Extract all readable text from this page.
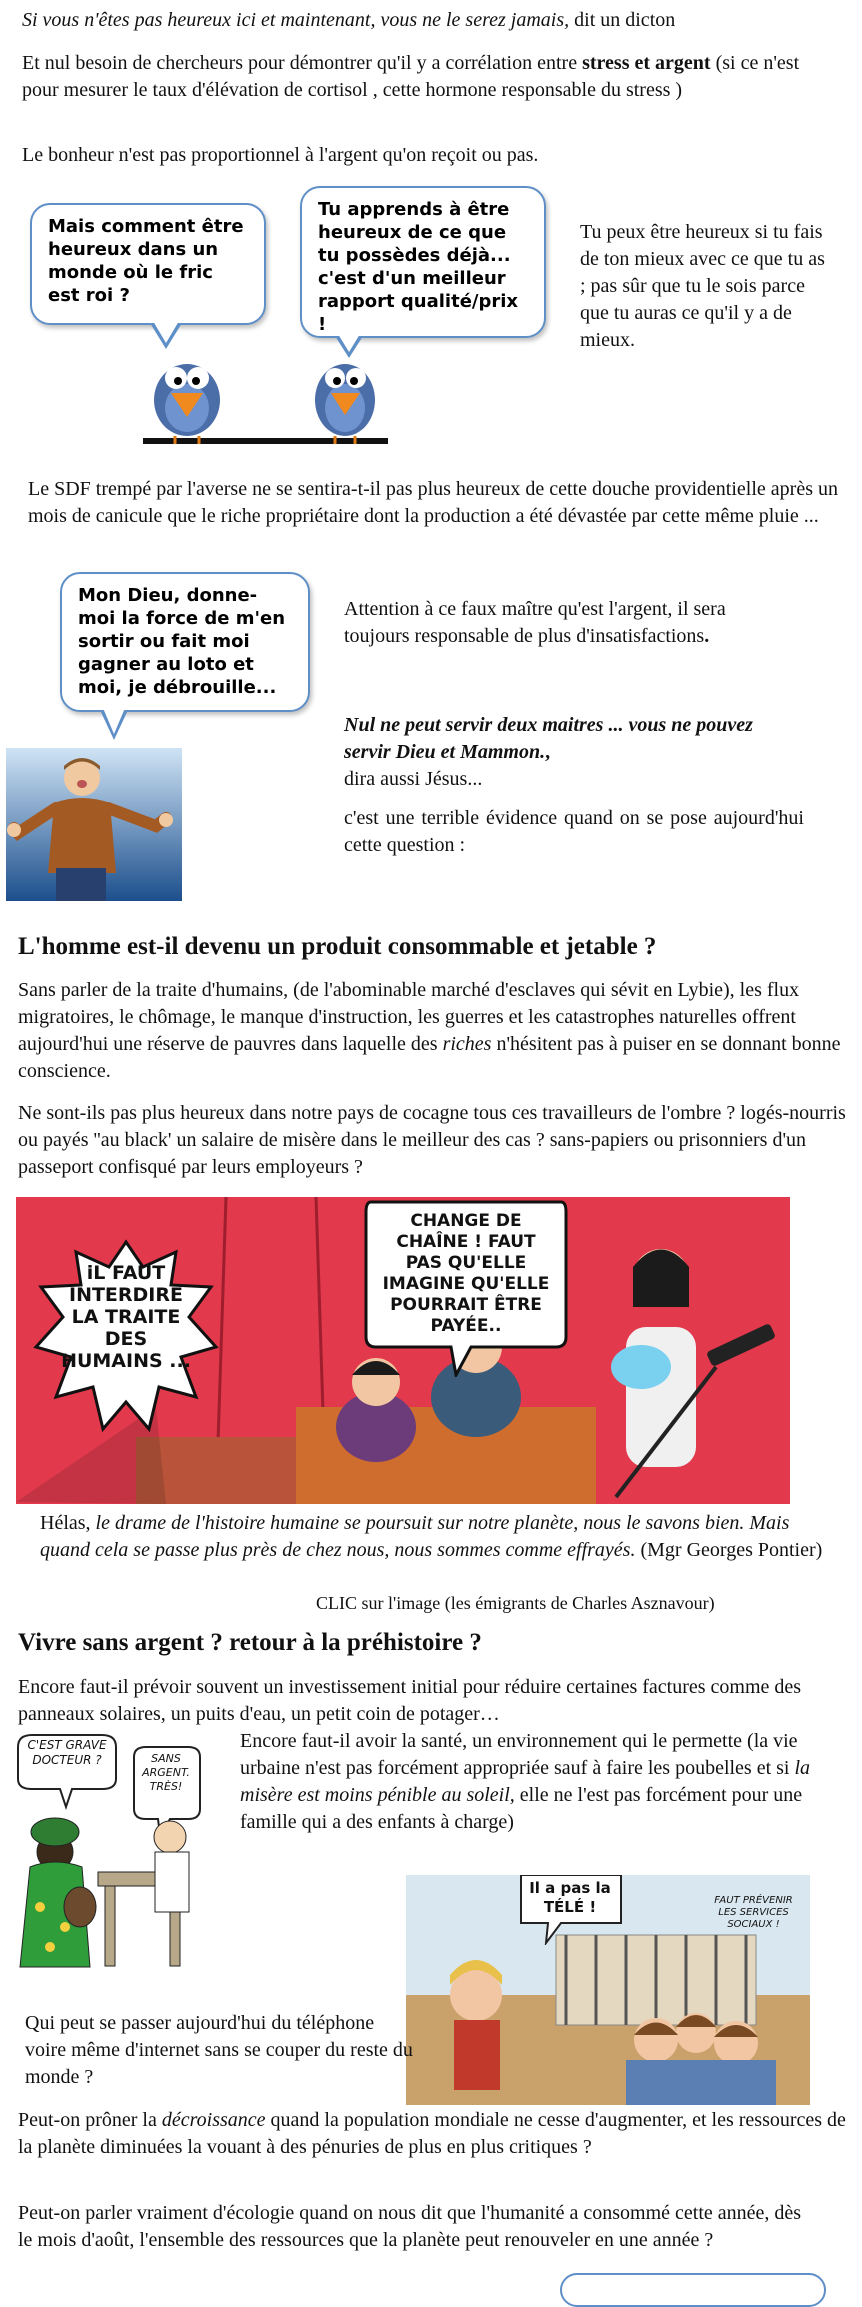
Si vous n'êtes pas heureux ici et maintenant, vous ne le serez jamais, dit un dicton

Et nul besoin de chercheurs pour démontrer qu'il y a corrélation entre stress et argent (si ce n'est pour mesurer le taux d'élévation de cortisol , cette hormone responsable du stress )

Le bonheur n'est pas proportionnel à l'argent qu'on reçoit ou pas.

Mais comment être heureux dans un monde où le fric est roi ?
Tu apprends à être heureux de ce que tu possèdes déjà... c'est d'un meilleur rapport qualité/prix !

Tu peux être heureux si tu fais de ton mieux avec ce que tu as ; pas sûr que tu le sois parce que tu auras ce qu'il y a de mieux.

Le SDF trempé par l'averse ne se sentira-t-il pas plus heureux de cette douche providentielle après un mois de canicule que le riche propriétaire dont la production a été dévastée par cette même pluie ...

Mon Dieu, donne-moi la force de m'en sortir ou fait moi gagner au loto et moi, je débrouille...

Attention à ce faux maître qu'est l'argent, il sera toujours responsable de plus d'insatisfactions.

Nul ne peut servir deux maitres ... vous ne pouvez servir Dieu et Mammon.,
dira aussi Jésus...

c'est une terrible évidence quand on se pose aujourd'hui cette question :

L'homme est-il devenu un produit consommable et jetable ?

Sans parler de la traite d'humains, (de l'abominable marché d'esclaves qui sévit en Lybie), les flux migratoires, le chômage, le manque d'instruction, les guerres et les catastrophes naturelles offrent aujourd'hui une réserve de pauvres dans laquelle des riches n'hésitent pas à puiser en se donnant bonne conscience.

Ne sont-ils pas plus heureux dans notre pays de cocagne tous ces travailleurs de l'ombre ? logés-nourris ou payés ''au black' un salaire de misère dans le meilleur des cas ? sans-papiers ou prisonniers d'un passeport confisqué par leurs employeurs ?

iL FAUT INTERDIRE LA TRAITE DES HUMAINS ...
CHANGE DE CHAÎNE ! FAUT PAS QU'ELLE IMAGINE QU'ELLE POURRAIT ÊTRE PAYÉE..

Hélas, le drame de l'histoire humaine se poursuit sur notre planète, nous le savons bien. Mais quand cela se passe plus près de chez nous, nous sommes comme effrayés. (Mgr Georges Pontier)

CLIC sur l'image (les émigrants de Charles Asznavour)

Vivre sans argent ? retour à la préhistoire ?

Encore faut-il prévoir souvent un investissement initial pour réduire certaines factures comme des panneaux solaires, un puits d'eau, un petit coin de potager…

C'EST GRAVE DOCTEUR ?	SANS ARGENT. TRÈS!

Encore faut-il avoir la santé, un environnement qui le permette (la vie urbaine n'est pas forcément appropriée sauf à faire les poubelles et si la misère est moins pénible au soleil, elle ne l'est pas forcément pour une famille qui a des enfants à charge)

Il a pas la TÉLÉ !	FAUT PRÉVENIR LES SERVICES SOCIAUX !

Qui peut se passer aujourd'hui du téléphone voire même d'internet sans se couper du reste du monde ?

Peut-on prôner la décroissance quand la population mondiale ne cesse d'augmenter, et les ressources de la planète diminuées la vouant à des pénuries de plus en plus critiques ?

Peut-on parler vraiment d'écologie quand on nous dit que l'humanité a consommé cette année, dès le mois d'août, l'ensemble des ressources que la planète peut renouveler en une année ?
